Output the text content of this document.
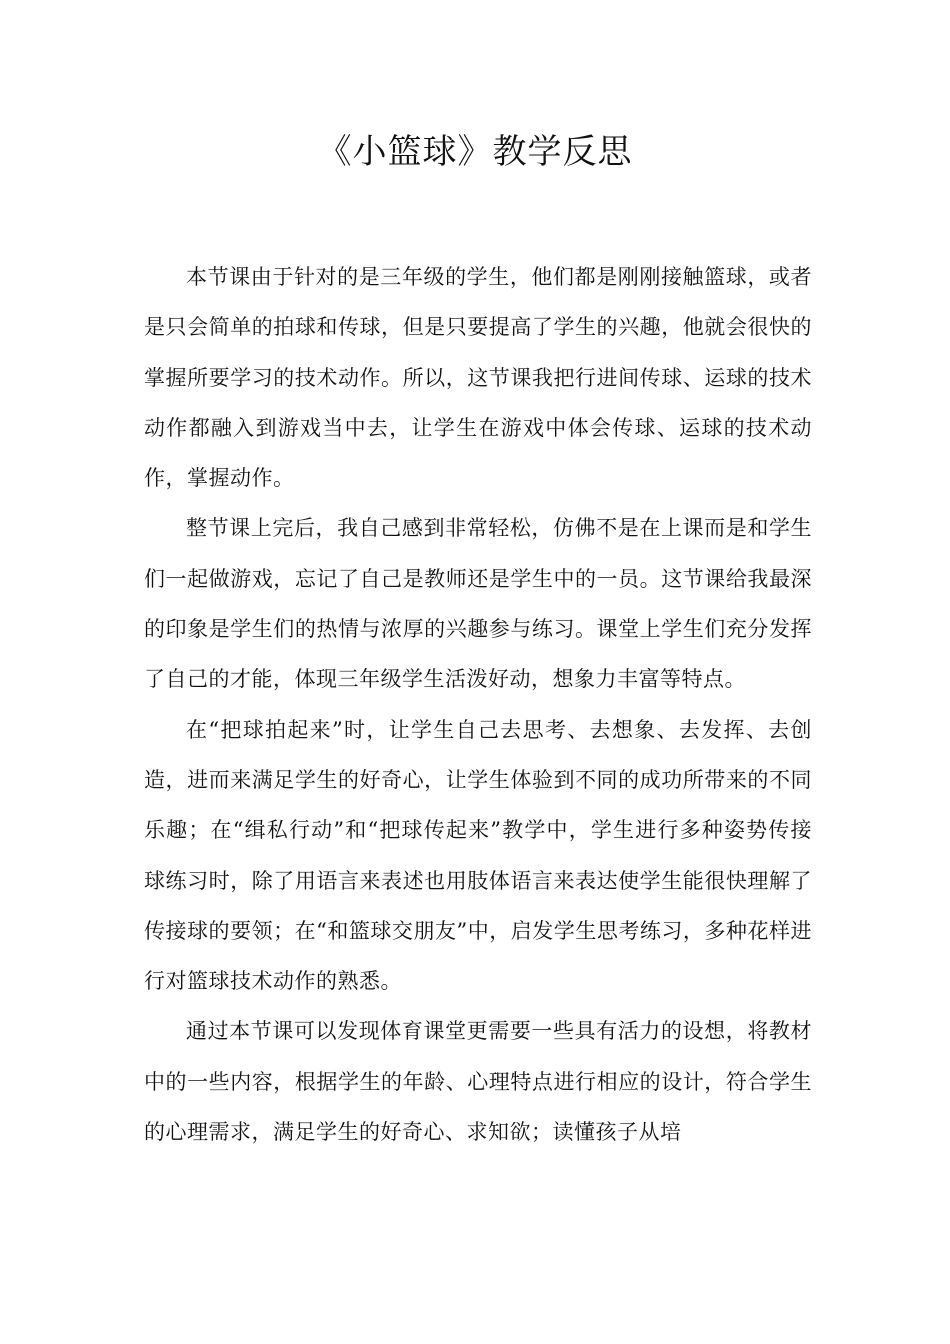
《小篮球》教学反思

本节课由于针对的是三年级的学生，他们都是刚刚接触篮球，或者是只会简单的拍球和传球，但是只要提高了学生的兴趣，他就会很快的掌握所要学习的技术动作。所以，这节课我把行进间传球、运球的技术动作都融入到游戏当中去，让学生在游戏中体会传球、运球的技术动作，掌握动作。

整节课上完后，我自己感到非常轻松，仿佛不是在上课而是和学生们一起做游戏，忘记了自己是教师还是学生中的一员。这节课给我最深的印象是学生们的热情与浓厚的兴趣参与练习。课堂上学生们充分发挥了自己的才能，体现三年级学生活泼好动，想象力丰富等特点。

在“把球拍起来”时，让学生自己去思考、去想象、去发挥、去创造，进而来满足学生的好奇心，让学生体验到不同的成功所带来的不同乐趣；在“缉私行动”和“把球传起来”教学中，学生进行多种姿势传接球练习时，除了用语言来表述也用肢体语言来表达使学生能很快理解了传接球的要领；在“和篮球交朋友”中，启发学生思考练习，多种花样进行对篮球技术动作的熟悉。

通过本节课可以发现体育课堂更需要一些具有活力的设想，将教材中的一些内容，根据学生的年龄、心理特点进行相应的设计，符合学生的心理需求，满足学生的好奇心、求知欲；读懂孩子从培
